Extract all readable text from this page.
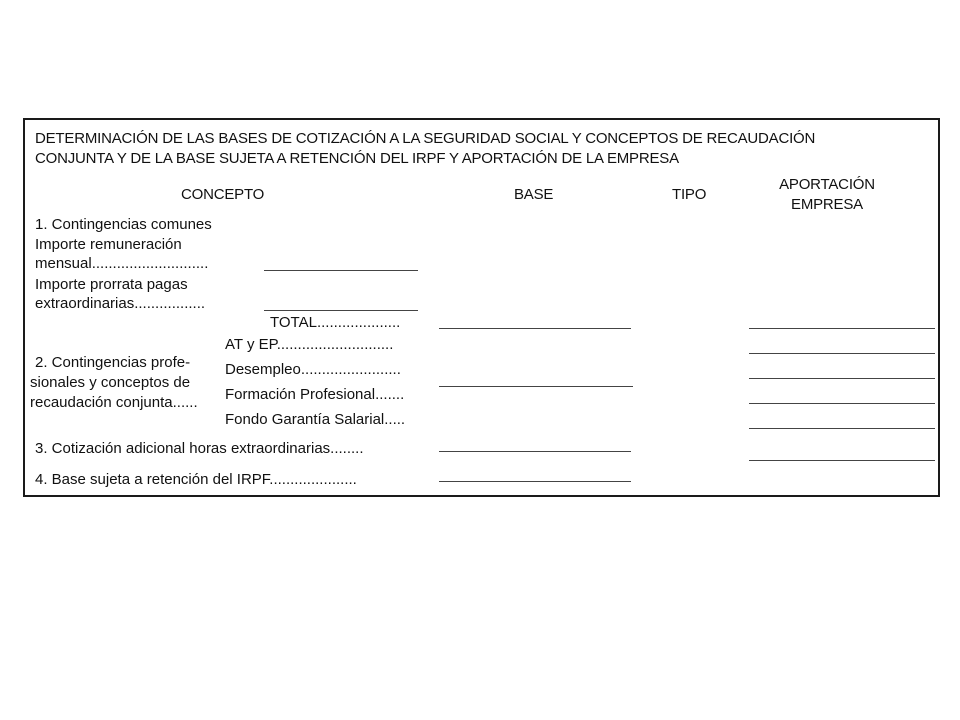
DETERMINACIÓN DE LAS BASES DE COTIZACIÓN A LA SEGURIDAD SOCIAL Y CONCEPTOS DE RECAUDACIÓN
CONJUNTA Y DE LA BASE SUJETA A RETENCIÓN DEL IRPF Y APORTACIÓN DE LA EMPRESA
CONCEPTO	BASE	TIPO
APORTACIÓN
EMPRESA
1. Contingencias comunes
Importe remuneración
mensual............................
Importe prorrata pagas
extraordinarias.................
TOTAL....................
2. Contingencias profe-
sionales y conceptos de
recaudación conjunta......
AT y EP............................
Desempleo........................
Formación Profesional.......
Fondo Garantía Salarial.....
3. Cotización adicional horas extraordinarias........
4. Base sujeta a retención del IRPF.....................
